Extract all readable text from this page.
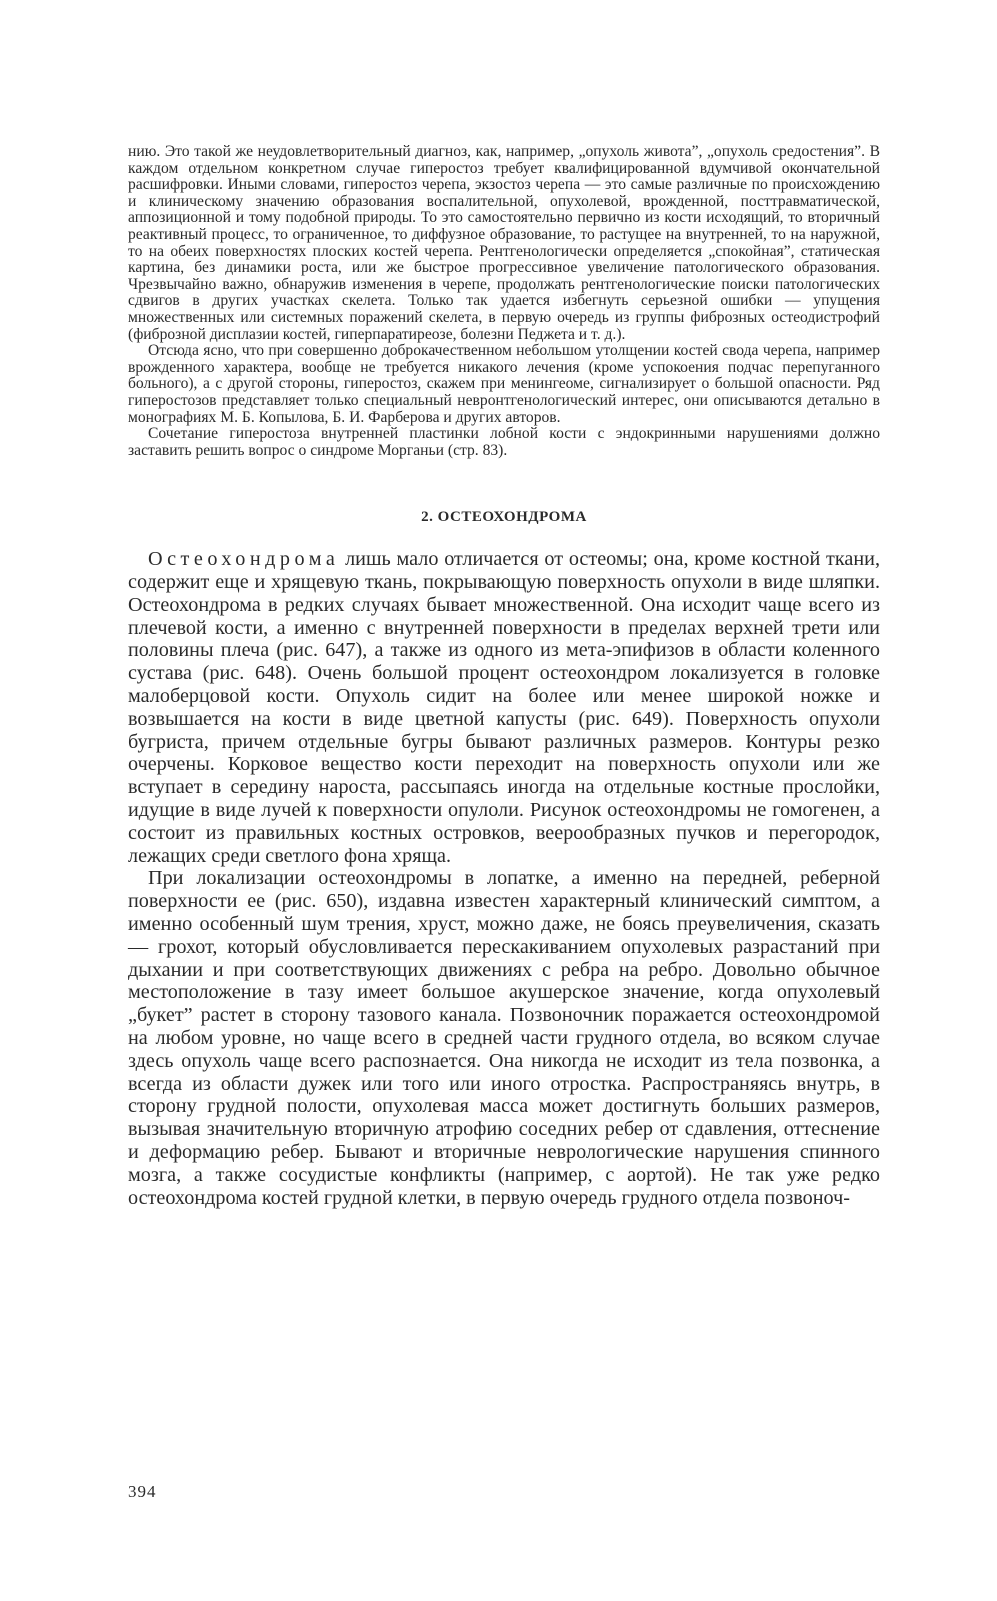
нию. Это такой же неудовлетворительный диагноз, как, например, „опухоль живота”, „опухоль средостения”. В каждом отдельном конкретном случае гиперостоз требует квалифицированной вдумчивой окончательной расшифровки. Иными словами, гиперостоз черепа, экзостоз черепа — это самые различные по происхождению и клиническому значению образования воспалительной, опухолевой, врожденной, посттравматической, аппозиционной и тому подобной природы. То это самостоятельно первично из кости исходящий, то вторичный реактивный процесс, то ограниченное, то диффузное образование, то растущее на внутренней, то на наружной, то на обеих поверхностях плоских костей черепа. Рентгенологически определяется „спокойная”, статическая картина, без динамики роста, или же быстрое прогрессивное увеличение патологического образования. Чрезвычайно важно, обнаружив изменения в черепе, продолжать рентгенологические поиски патологических сдвигов в других участках скелета. Только так удается избегнуть серьезной ошибки — упущения множественных или системных поражений скелета, в первую очередь из группы фиброзных остеодистрофий (фиброзной дисплазии костей, гиперпаратиреозе, болезни Педжета и т. д.).

Отсюда ясно, что при совершенно доброкачественном небольшом утолщении костей свода черепа, например врожденного характера, вообще не требуется никакого лечения (кроме успокоения подчас перепуганного больного), а с другой стороны, гиперостоз, скажем при менингеоме, сигнализирует о большой опасности. Ряд гиперостозов представляет только специальный невронтгенологический интерес, они описываются детально в монографиях М. Б. Копылова, Б. И. Фарберова и других авторов.

Сочетание гиперостоза внутренней пластинки лобной кости с эндокринными нарушениями должно заставить решить вопрос о синдроме Морганьи (стр. 83).

2. ОСТЕОХОНДРОМА

Остеохондрома лишь мало отличается от остеомы; она, кроме костной ткани, содержит еще и хрящевую ткань, покрывающую поверхность опухоли в виде шляпки. Остеохондрома в редких случаях бывает множественной. Она исходит чаще всего из плечевой кости, а именно с внутренней поверхности в пределах верхней трети или половины плеча (рис. 647), а также из одного из мета-эпифизов в области коленного сустава (рис. 648). Очень большой процент остеохондром локализуется в головке малоберцовой кости. Опухоль сидит на более или менее широкой ножке и возвышается на кости в виде цветной капусты (рис. 649). Поверхность опухоли бугриста, причем отдельные бугры бывают различных размеров. Контуры резко очерчены. Корковое вещество кости переходит на поверхность опухоли или же вступает в середину нароста, рассыпаясь иногда на отдельные костные прослойки, идущие в виде лучей к поверхности опулоли. Рисунок остеохондромы не гомогенен, а состоит из правильных костных островков, веерообразных пучков и перегородок, лежащих среди светлого фона хряща.

При локализации остеохондромы в лопатке, а именно на передней, реберной поверхности ее (рис. 650), издавна известен характерный клинический симптом, а именно особенный шум трения, хруст, можно даже, не боясь преувеличения, сказать — грохот, который обусловливается перескакиванием опухолевых разрастаний при дыхании и при соответствующих движениях с ребра на ребро. Довольно обычное местоположение в тазу имеет большое акушерское значение, когда опухолевый „букет” растет в сторону тазового канала. Позвоночник поражается остеохондромой на любом уровне, но чаще всего в средней части грудного отдела, во всяком случае здесь опухоль чаще всего распознается. Она никогда не исходит из тела позвонка, а всегда из области дужек или того или иного отростка. Распространяясь внутрь, в сторону грудной полости, опухолевая масса может достигнуть больших размеров, вызывая значительную вторичную атрофию соседних ребер от сдавления, оттеснение и деформацию ребер. Бывают и вторичные неврологические нарушения спинного мозга, а также сосудистые конфликты (например, с аортой). Не так уже редко остеохондрома костей грудной клетки, в первую очередь грудного отдела позвоноч-

394
